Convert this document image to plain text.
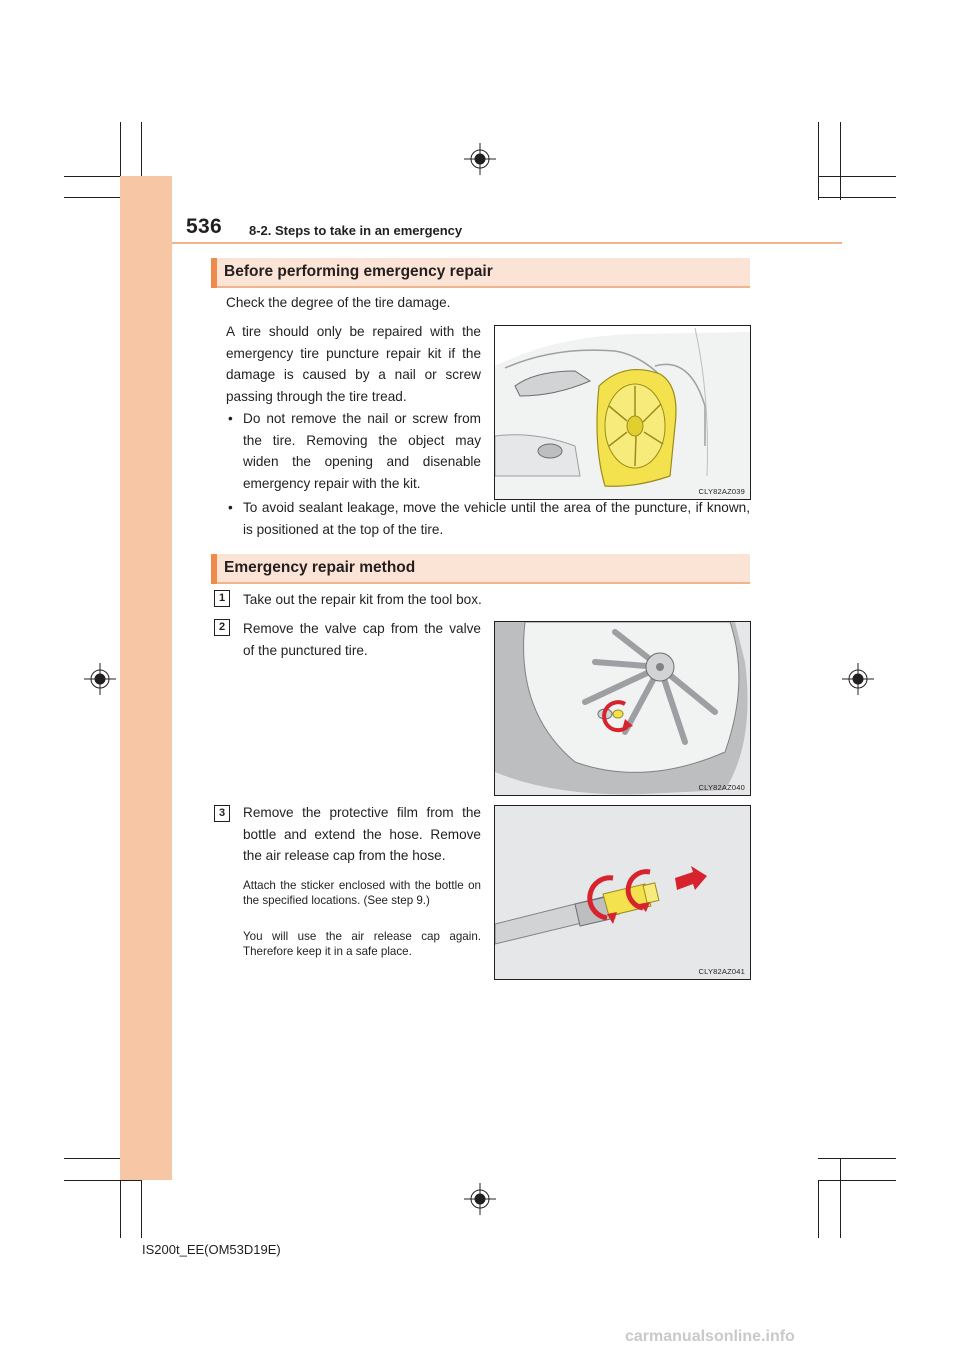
536 8-2. Steps to take in an emergency
Before performing emergency repair
Check the degree of the tire damage.
A tire should only be repaired with the emergency tire puncture repair kit if the damage is caused by a nail or screw passing through the tire tread.
• Do not remove the nail or screw from the tire. Removing the object may widen the opening and disenable emergency repair with the kit.
• To avoid sealant leakage, move the vehicle until the area of the puncture, if known, is positioned at the top of the tire.
CLY82AZ039
Emergency repair method
1	Take out the repair kit from the tool box.
2	Remove the valve cap from the valve of the punctured tire.
CLY82AZ040
3	Remove the protective film from the bottle and extend the hose. Remove the air release cap from the hose.
Attach the sticker enclosed with the bottle on the specified locations. (See step 9.)
You will use the air release cap again. Therefore keep it in a safe place.
CLY82AZ041
IS200t_EE(OM53D19E)
carmanualsonline.info
